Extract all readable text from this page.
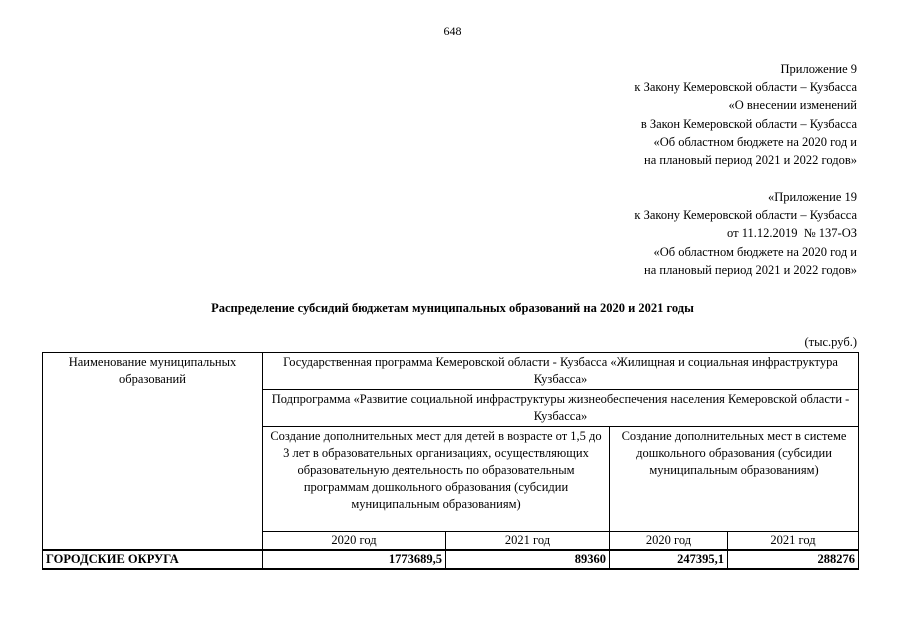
648
Приложение 9
к Закону Кемеровской области – Кузбасса
«О внесении изменений
в Закон Кемеровской области – Кузбасса
«Об областном бюджете на 2020 год и
на плановый период 2021 и 2022 годов»
«Приложение 19
к Закону Кемеровской области – Кузбасса
от 11.12.2019  № 137-ОЗ
«Об областном бюджете на 2020 год и
на плановый период 2021 и 2022 годов»
Распределение субсидий бюджетам муниципальных образований на 2020 и 2021 годы
(тыс.руб.)
Наименование муниципальных образований	Государственная программа Кемеровской области - Кузбасса «Жилищная и социальная инфраструктура Кузбасса»			
	Подпрограмма «Развитие социальной инфраструктуры жизнеобеспечения населения Кемеровской области - Кузбасса»			
	Создание дополнительных мест для детей в возрасте от 1,5 до 3 лет в образовательных организациях, осуществляющих образовательную деятельность по образовательным программам дошкольного образования (субсидии муниципальным образованиям)		Создание дополнительных мест в системе дошкольного образования (субсидии муниципальным образованиям)	
	2020 год	2021 год	2020 год	2021 год
ГОРОДСКИЕ ОКРУГА	1773689,5	89360	247395,1	288276
